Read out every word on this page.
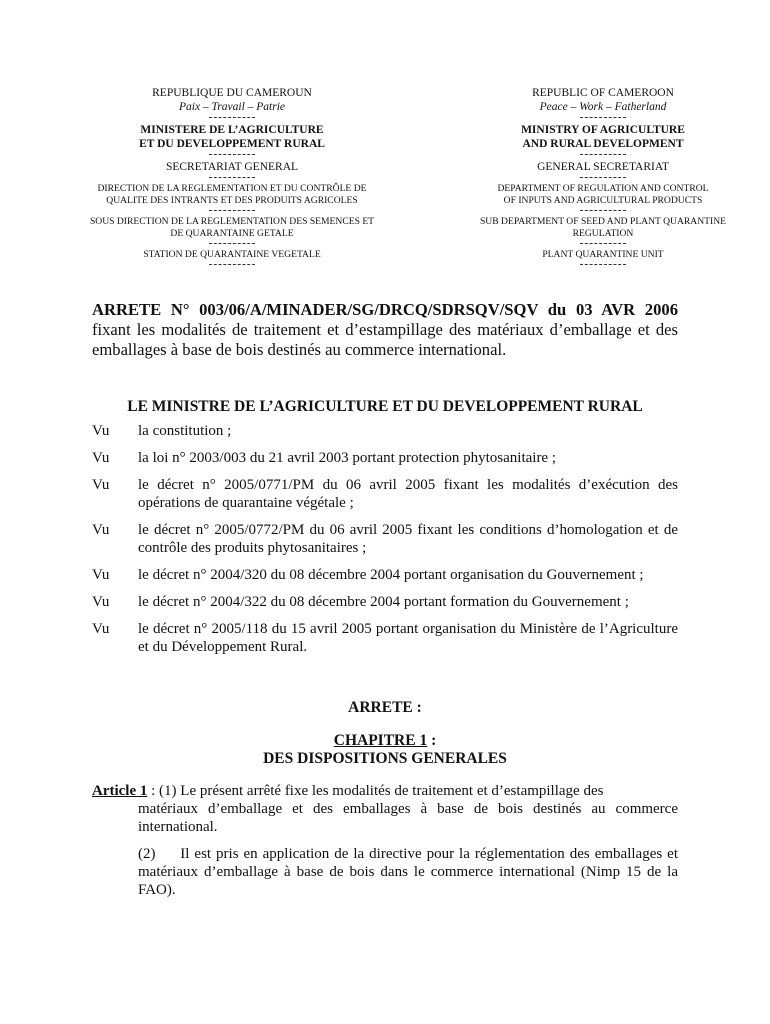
REPUBLIQUE DU CAMEROUN
Paix – Travail – Patrie
MINISTERE DE L’AGRICULTURE
ET DU DEVELOPPEMENT RURAL
SECRETARIAT GENERAL
DIRECTION DE LA REGLEMENTATION ET DU CONTRÔLE DE
QUALITE DES INTRANTS ET DES PRODUITS AGRICOLES
SOUS DIRECTION DE LA REGLEMENTATION DES SEMENCES ET
DE QUARANTAINE GETALE
STATION DE QUARANTAINE VEGETALE
REPUBLIC OF CAMEROON
Peace – Work – Fatherland
MINISTRY OF AGRICULTURE
AND RURAL DEVELOPMENT
GENERAL SECRETARIAT
DEPARTMENT OF REGULATION AND CONTROL
OF INPUTS AND AGRICULTURAL PRODUCTS
SUB DEPARTMENT OF SEED AND PLANT QUARANTINE
REGULATION
PLANT QUARANTINE UNIT
ARRETE N° 003/06/A/MINADER/SG/DRCQ/SDRSQV/SQV du 03 AVR 2006 fixant les modalités de traitement et d’estampillage des matériaux d’emballage et des emballages à base de bois destinés au commerce international.
LE MINISTRE DE L’AGRICULTURE ET DU DEVELOPPEMENT RURAL
Vu	la constitution ;
Vu	la loi n° 2003/003 du 21 avril 2003 portant protection phytosanitaire ;
Vu	le décret n° 2005/0771/PM du 06 avril 2005 fixant les modalités d’exécution des opérations de quarantaine végétale ;
Vu	le décret n° 2005/0772/PM du 06 avril 2005 fixant les conditions d’homologation et de contrôle des produits phytosanitaires ;
Vu	le décret n° 2004/320 du 08 décembre 2004 portant organisation du Gouvernement ;
Vu	le décret n° 2004/322 du 08 décembre 2004 portant formation du Gouvernement ;
Vu	le décret n° 2005/118 du 15 avril 2005 portant organisation du Ministère de l’Agriculture et du Développement Rural.
ARRETE :
CHAPITRE 1 :
DES DISPOSITIONS GENERALES
Article 1 : (1) Le présent arrêté fixe les modalités de traitement et d’estampillage des
matériaux d’emballage et des emballages à base de bois destinés au commerce international.
(2)     Il est pris en application de la directive pour la réglementation des emballages et matériaux d’emballage à base de bois dans le commerce international (Nimp 15 de la FAO).
